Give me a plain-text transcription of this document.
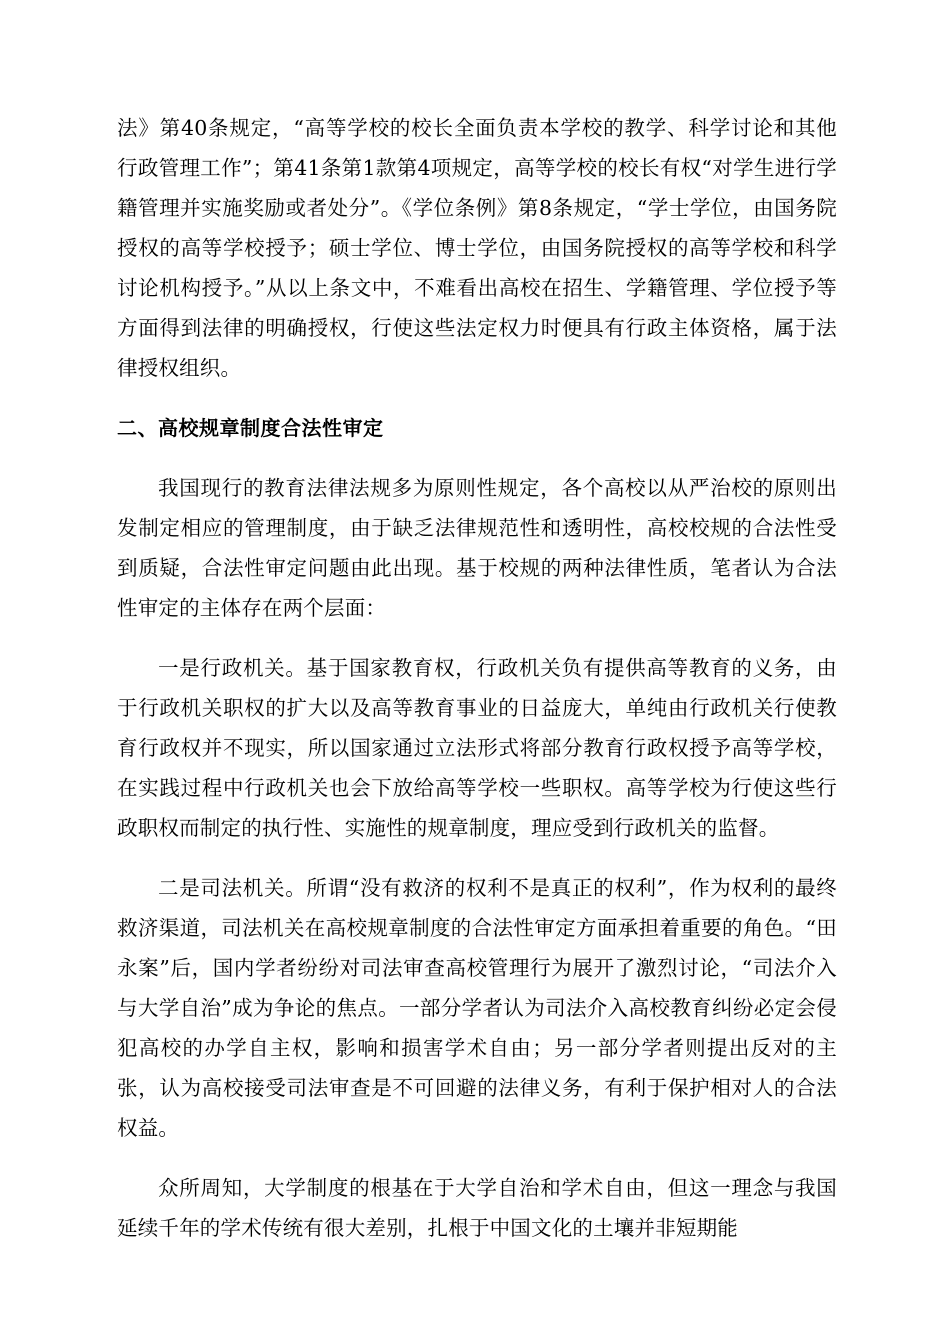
法》第40条规定，“高等学校的校长全面负责本学校的教学、科学讨论和其他行政管理工作”；第41条第1款第4项规定，高等学校的校长有权“对学生进行学籍管理并实施奖励或者处分”。《学位条例》第8条规定，“学士学位，由国务院授权的高等学校授予；硕士学位、博士学位，由国务院授权的高等学校和科学讨论机构授予。”从以上条文中，不难看出高校在招生、学籍管理、学位授予等方面得到法律的明确授权，行使这些法定权力时便具有行政主体资格，属于法律授权组织。

二、高校规章制度合法性审定

我国现行的教育法律法规多为原则性规定，各个高校以从严治校的原则出发制定相应的管理制度，由于缺乏法律规范性和透明性，高校校规的合法性受到质疑，合法性审定问题由此出现。基于校规的两种法律性质，笔者认为合法性审定的主体存在两个层面：

一是行政机关。基于国家教育权，行政机关负有提供高等教育的义务，由于行政机关职权的扩大以及高等教育事业的日益庞大，单纯由行政机关行使教育行政权并不现实，所以国家通过立法形式将部分教育行政权授予高等学校，在实践过程中行政机关也会下放给高等学校一些职权。高等学校为行使这些行政职权而制定的执行性、实施性的规章制度，理应受到行政机关的监督。

二是司法机关。所谓“没有救济的权利不是真正的权利”，作为权利的最终救济渠道，司法机关在高校规章制度的合法性审定方面承担着重要的角色。“田永案”后，国内学者纷纷对司法审查高校管理行为展开了激烈讨论，“司法介入与大学自治”成为争论的焦点。一部分学者认为司法介入高校教育纠纷必定会侵犯高校的办学自主权，影响和损害学术自由；另一部分学者则提出反对的主张，认为高校接受司法审查是不可回避的法律义务，有利于保护相对人的合法权益。

众所周知，大学制度的根基在于大学自治和学术自由，但这一理念与我国延续千年的学术传统有很大差别，扎根于中国文化的土壤并非短期能
